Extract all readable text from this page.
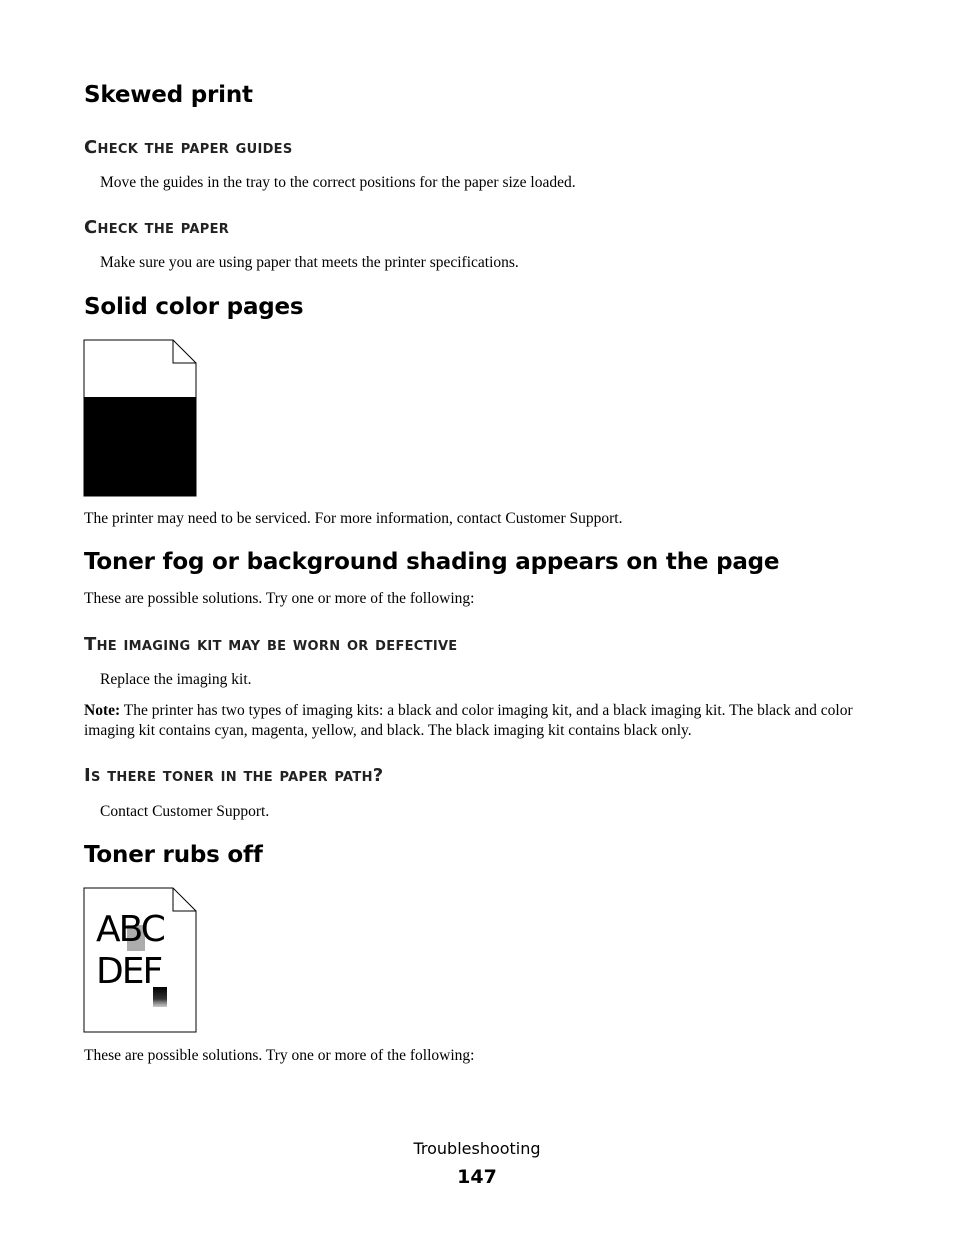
Skewed print
Check the paper guides

Move the guides in the tray to the correct positions for the paper size loaded.

Check the paper

Make sure you are using paper that meets the printer specifications.

Solid color pages

The printer may need to be serviced. For more information, contact Customer Support.

Toner fog or background shading appears on the page

These are possible solutions. Try one or more of the following:

The imaging kit may be worn or defective

Replace the imaging kit.

Note: The printer has two types of imaging kits: a black and color imaging kit, and a black imaging kit. The black and color imaging kit contains cyan, magenta, yellow, and black. The black imaging kit contains black only.

Is there toner in the paper path?

Contact Customer Support.

Toner rubs off
ABC
DEF

These are possible solutions. Try one or more of the following:

Troubleshooting
147
